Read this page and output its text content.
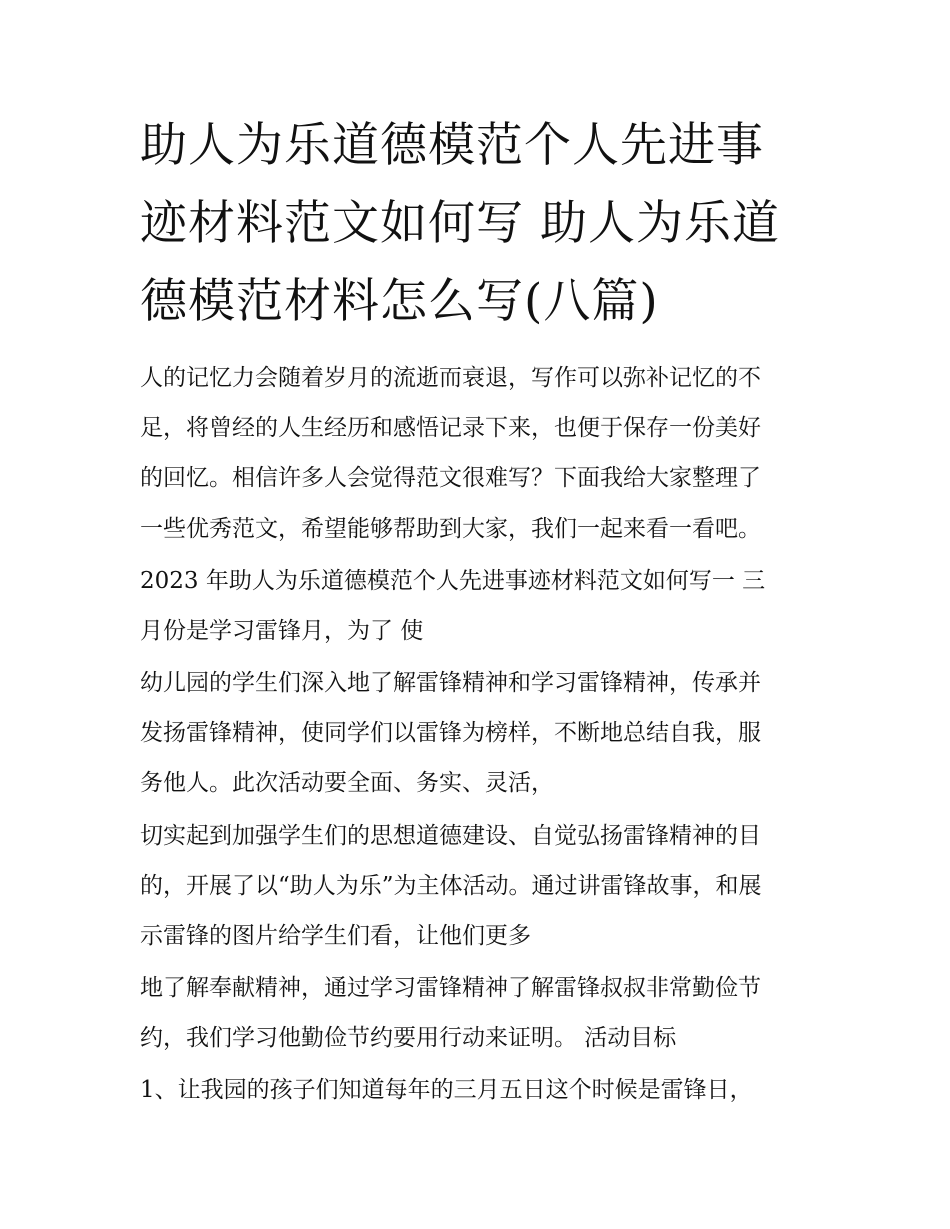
助人为乐道德模范个人先进事
迹材料范文如何写 助人为乐道
德模范材料怎么写(八篇)
人的记忆力会随着岁月的流逝而衰退，写作可以弥补记忆的不
足，将曾经的人生经历和感悟记录下来，也便于保存一份美好
的回忆。相信许多人会觉得范文很难写？下面我给大家整理了
一些优秀范文，希望能够帮助到大家，我们一起来看一看吧。
2023 年助人为乐道德模范个人先进事迹材料范文如何写一 三
月份是学习雷锋月，为了 使
幼儿园的学生们深入地了解雷锋精神和学习雷锋精神，传承并
发扬雷锋精神，使同学们以雷锋为榜样，不断地总结自我，服
务他人。此次活动要全面、务实、灵活，
切实起到加强学生们的思想道德建设、自觉弘扬雷锋精神的目
的，开展了以“助人为乐”为主体活动。通过讲雷锋故事，和展
示雷锋的图片给学生们看，让他们更多
地了解奉献精神，通过学习雷锋精神了解雷锋叔叔非常勤俭节
约，我们学习他勤俭节约要用行动来证明。 活动目标
1、让我园的孩子们知道每年的三月五日这个时候是雷锋日，
